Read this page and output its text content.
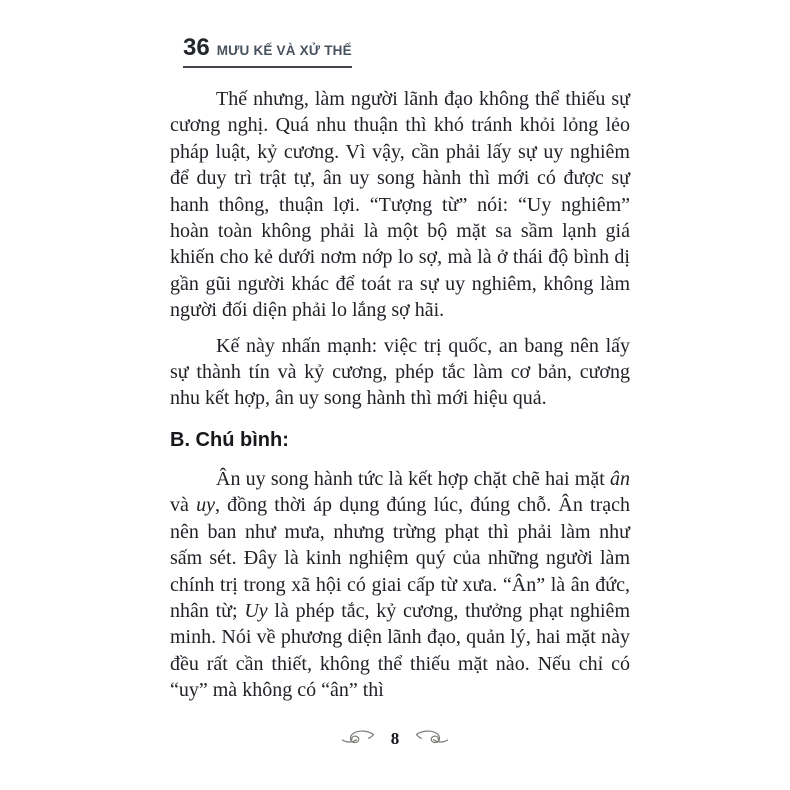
36 MƯU KẾ VÀ XỬ THẾ

Thế nhưng, làm người lãnh đạo không thể thiếu sự cương nghị. Quá nhu thuận thì khó tránh khỏi lỏng lẻo pháp luật, kỷ cương. Vì vậy, cần phải lấy sự uy nghiêm để duy trì trật tự, ân uy song hành thì mới có được sự hanh thông, thuận lợi. “Tượng từ” nói: “Uy nghiêm” hoàn toàn không phải là một bộ mặt sa sầm lạnh giá khiến cho kẻ dưới nơm nớp lo sợ, mà là ở thái độ bình dị gần gũi người khác để toát ra sự uy nghiêm, không làm người đối diện phải lo lắng sợ hãi.

Kế này nhấn mạnh: việc trị quốc, an bang nên lấy sự thành tín và kỷ cương, phép tắc làm cơ bản, cương nhu kết hợp, ân uy song hành thì mới hiệu quả.

B. Chú bình:

Ân uy song hành tức là kết hợp chặt chẽ hai mặt ân và uy, đồng thời áp dụng đúng lúc, đúng chỗ. Ân trạch nên ban như mưa, nhưng trừng phạt thì phải làm như sấm sét. Đây là kinh nghiệm quý của những người làm chính trị trong xã hội có giai cấp từ xưa. “Ân” là ân đức, nhân từ; Uy là phép tắc, kỷ cương, thưởng phạt nghiêm minh. Nói về phương diện lãnh đạo, quản lý, hai mặt này đều rất cần thiết, không thể thiếu mặt nào. Nếu chỉ có “uy” mà không có “ân” thì

8
